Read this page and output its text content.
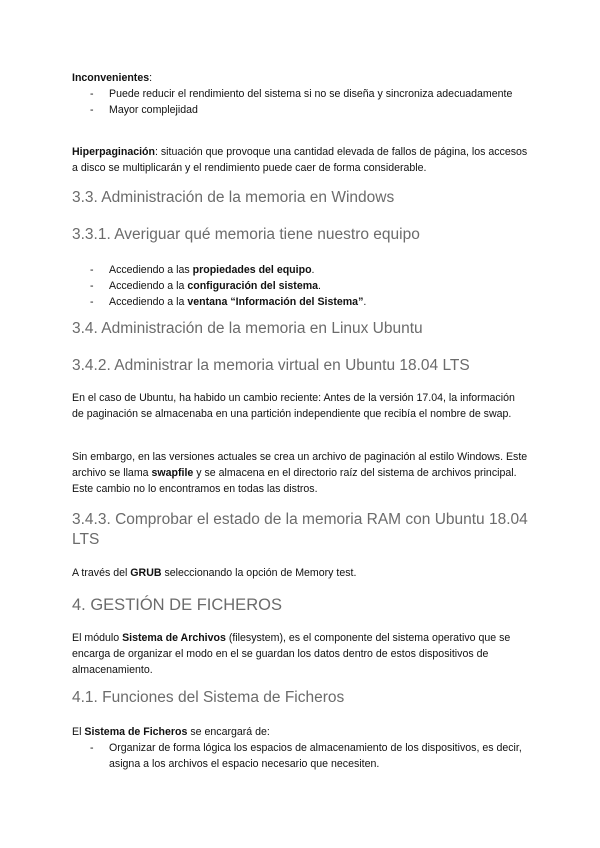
Inconvenientes:
- Puede reducir el rendimiento del sistema si no se diseña y sincroniza adecuadamente
- Mayor complejidad
Hiperpaginación: situación que provoque una cantidad elevada de fallos de página, los accesos a disco se multiplicarán y el rendimiento puede caer de forma considerable.
3.3. Administración de la memoria en Windows
3.3.1. Averiguar qué memoria tiene nuestro equipo
- Accediendo a las propiedades del equipo.
- Accediendo a la configuración del sistema.
- Accediendo a la ventana “Información del Sistema”.
3.4. Administración de la memoria en Linux Ubuntu
3.4.2. Administrar la memoria virtual en Ubuntu 18.04 LTS
En el caso de Ubuntu, ha habido un cambio reciente: Antes de la versión 17.04, la información de paginación se almacenaba en una partición independiente que recibía el nombre de swap.
Sin embargo, en las versiones actuales se crea un archivo de paginación al estilo Windows. Este archivo se llama swapfile y se almacena en el directorio raíz del sistema de archivos principal. Este cambio no lo encontramos en todas las distros.
3.4.3. Comprobar el estado de la memoria RAM con Ubuntu 18.04 LTS
A través del GRUB seleccionando la opción de Memory test.
4. GESTIÓN DE FICHEROS
El módulo Sistema de Archivos (filesystem), es el componente del sistema operativo que se encarga de organizar el modo en el se guardan los datos dentro de estos dispositivos de almacenamiento.
4.1. Funciones del Sistema de Ficheros
El Sistema de Ficheros se encargará de:
- Organizar de forma lógica los espacios de almacenamiento de los dispositivos, es decir, asigna a los archivos el espacio necesario que necesiten.
